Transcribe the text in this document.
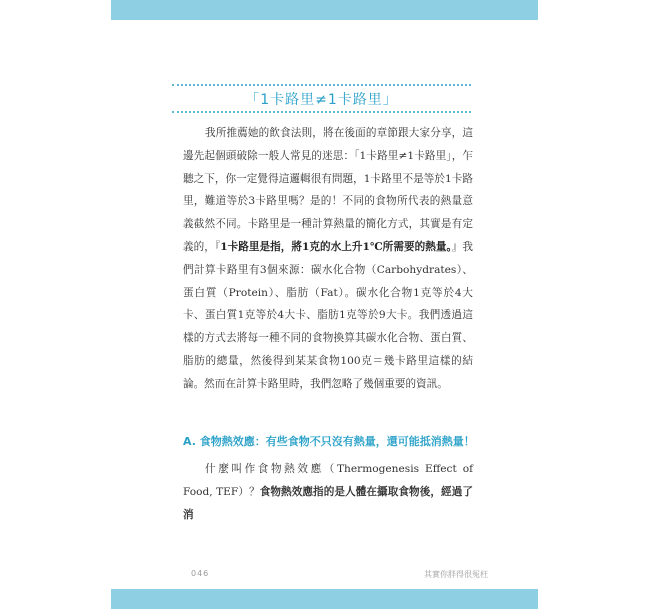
「1卡路里≠1卡路里」

我所推薦她的飲食法則，將在後面的章節跟大家分享，這邊先起個頭破除一般人常見的迷思：「1卡路里≠1卡路里」，乍聽之下，你一定覺得這邏輯很有問題，1卡路里不是等於1卡路里，難道等於3卡路里嗎？是的！不同的食物所代表的熱量意義截然不同。卡路里是一種計算熱量的簡化方式，其實是有定義的，『1卡路里是指，將1克的水上升1℃所需要的熱量。』我們計算卡路里有3個來源：碳水化合物（Carbohydrates）、蛋白質（Protein）、脂肪（Fat）。碳水化合物1克等於4大卡、蛋白質1克等於4大卡、脂肪1克等於9大卡。我們透過這樣的方式去將每一種不同的食物換算其碳水化合物、蛋白質、脂肪的總量，然後得到某某食物100克＝幾卡路里這樣的結論。然而在計算卡路里時，我們忽略了幾個重要的資訊。

A. 食物熱效應：有些食物不只沒有熱量，還可能抵消熱量！

什麼叫作食物熱效應（Thermogenesis Effect of Food, TEF）？食物熱效應指的是人體在攝取食物後，經過了消

046	其實你胖得很冤枉
